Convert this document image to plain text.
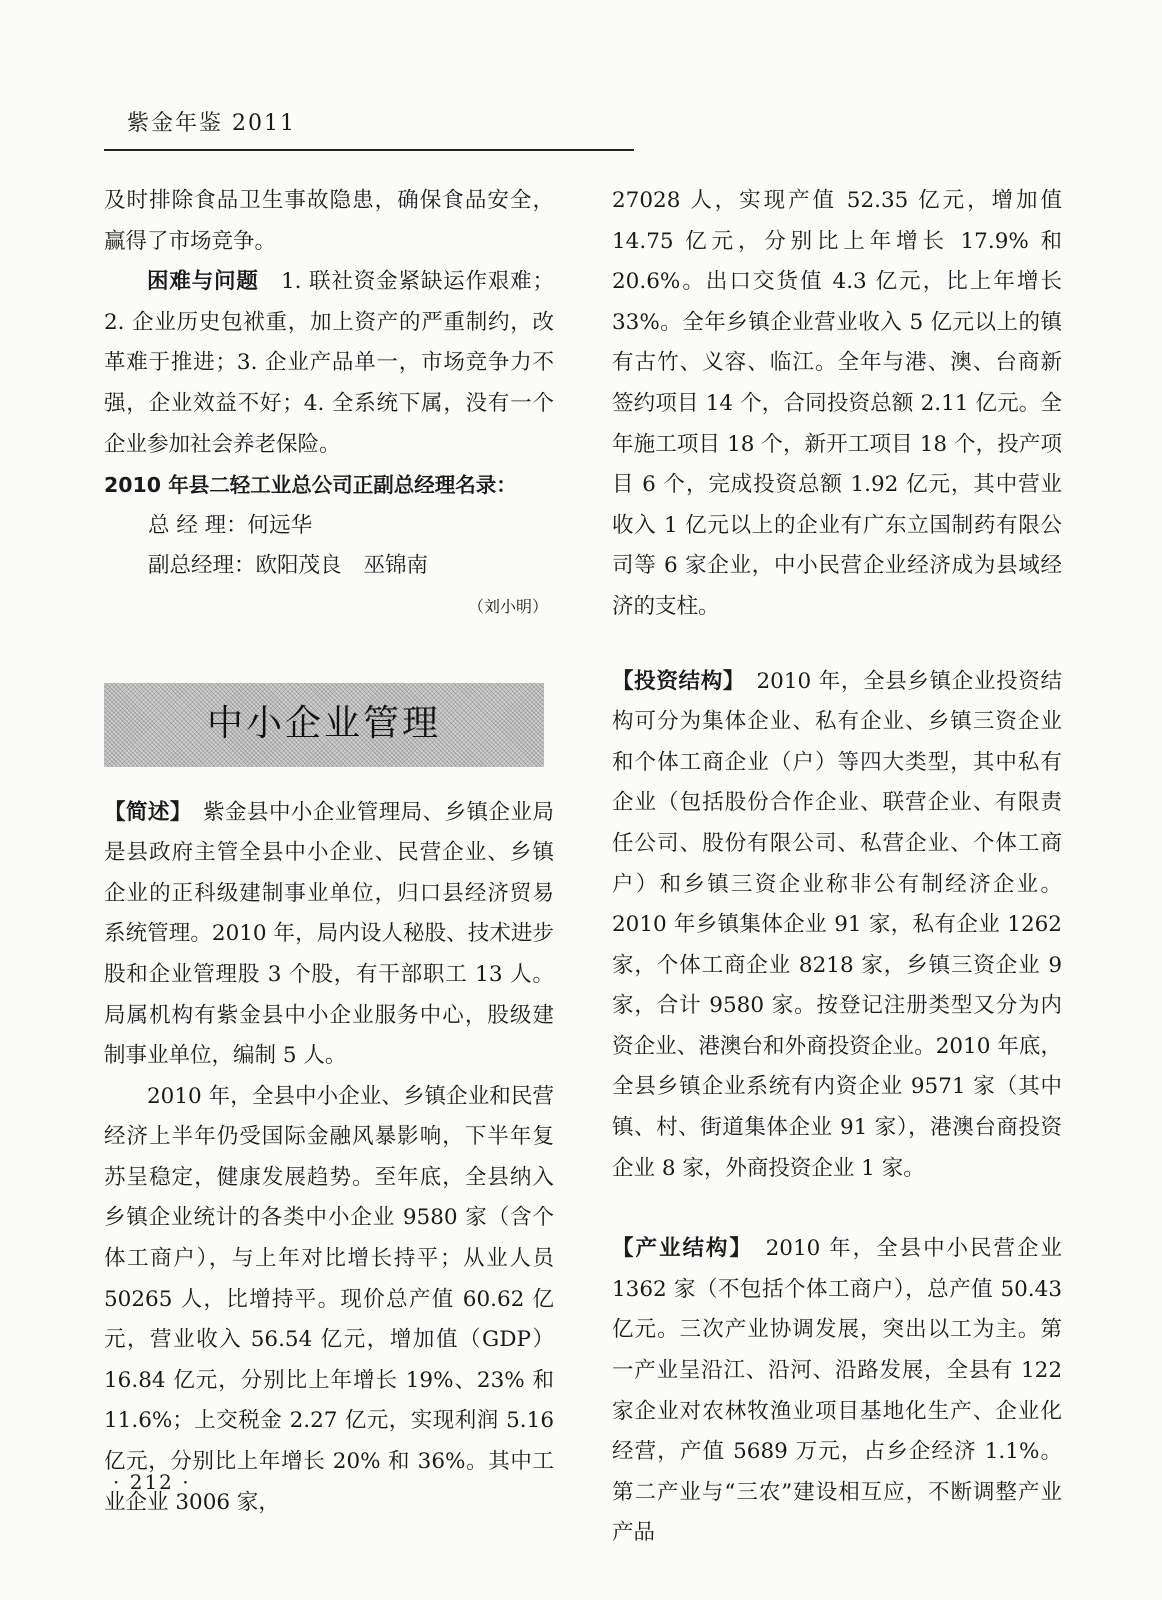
紫金年鉴 2011

及时排除食品卫生事故隐患，确保食品安全，赢得了市场竞争。

困难与问题　 1. 联社资金紧缺运作艰难；2. 企业历史包袱重，加上资产的严重制约，改革难于推进；3. 企业产品单一，市场竞争力不强，企业效益不好；4. 全系统下属，没有一个企业参加社会养老保险。

2010 年县二轻工业总公司正副总经理名录：

总 经 理：何远华

副总经理：欧阳茂良 巫锦南

（刘小明）

中小企业管理

【简述】　 紫金县中小企业管理局、乡镇企业局是县政府主管全县中小企业、民营企业、乡镇企业的正科级建制事业单位，归口县经济贸易系统管理。2010 年，局内设人秘股、技术进步股和企业管理股 3 个股，有干部职工 13 人。局属机构有紫金县中小企业服务中心，股级建制事业单位，编制 5 人。

2010 年，全县中小企业、乡镇企业和民营经济上半年仍受国际金融风暴影响，下半年复苏呈稳定，健康发展趋势。至年底，全县纳入乡镇企业统计的各类中小企业 9580 家（含个体工商户），与上年对比增长持平；从业人员 50265 人，比增持平。现价总产值 60.62 亿元，营业收入 56.54 亿元，增加值（GDP）16.84 亿元，分别比上年增长 19%、23% 和 11.6%；上交税金 2.27 亿元，实现利润 5.16 亿元，分别比上年增长 20% 和 36%。其中工业企业 3006 家，

27028 人，实现产值 52.35 亿元，增加值 14.75 亿元，分别比上年增长 17.9% 和 20.6%。出口交货值 4.3 亿元，比上年增长 33%。全年乡镇企业营业收入 5 亿元以上的镇有古竹、义容、临江。全年与港、澳、台商新签约项目 14 个，合同投资总额 2.11 亿元。全年施工项目 18 个，新开工项目 18 个，投产项目 6 个，完成投资总额 1.92 亿元，其中营业收入 1 亿元以上的企业有广东立国制药有限公司等 6 家企业，中小民营企业经济成为县域经济的支柱。

【投资结构】　 2010 年，全县乡镇企业投资结构可分为集体企业、私有企业、乡镇三资企业和个体工商企业（户）等四大类型，其中私有企业（包括股份合作企业、联营企业、有限责任公司、股份有限公司、私营企业、个体工商户）和乡镇三资企业称非公有制经济企业。2010 年乡镇集体企业 91 家，私有企业 1262 家，个体工商企业 8218 家，乡镇三资企业 9 家，合计 9580 家。按登记注册类型又分为内资企业、港澳台和外商投资企业。2010 年底，全县乡镇企业系统有内资企业 9571 家（其中镇、村、街道集体企业 91 家），港澳台商投资企业 8 家，外商投资企业 1 家。

【产业结构】　 2010 年，全县中小民营企业 1362 家（不包括个体工商户），总产值 50.43 亿元。三次产业协调发展，突出以工为主。第一产业呈沿江、沿河、沿路发展，全县有 122 家企业对农林牧渔业项目基地化生产、企业化经营，产值 5689 万元，占乡企经济 1.1%。第二产业与“三农”建设相互应，不断调整产业产品

· 212 ·
